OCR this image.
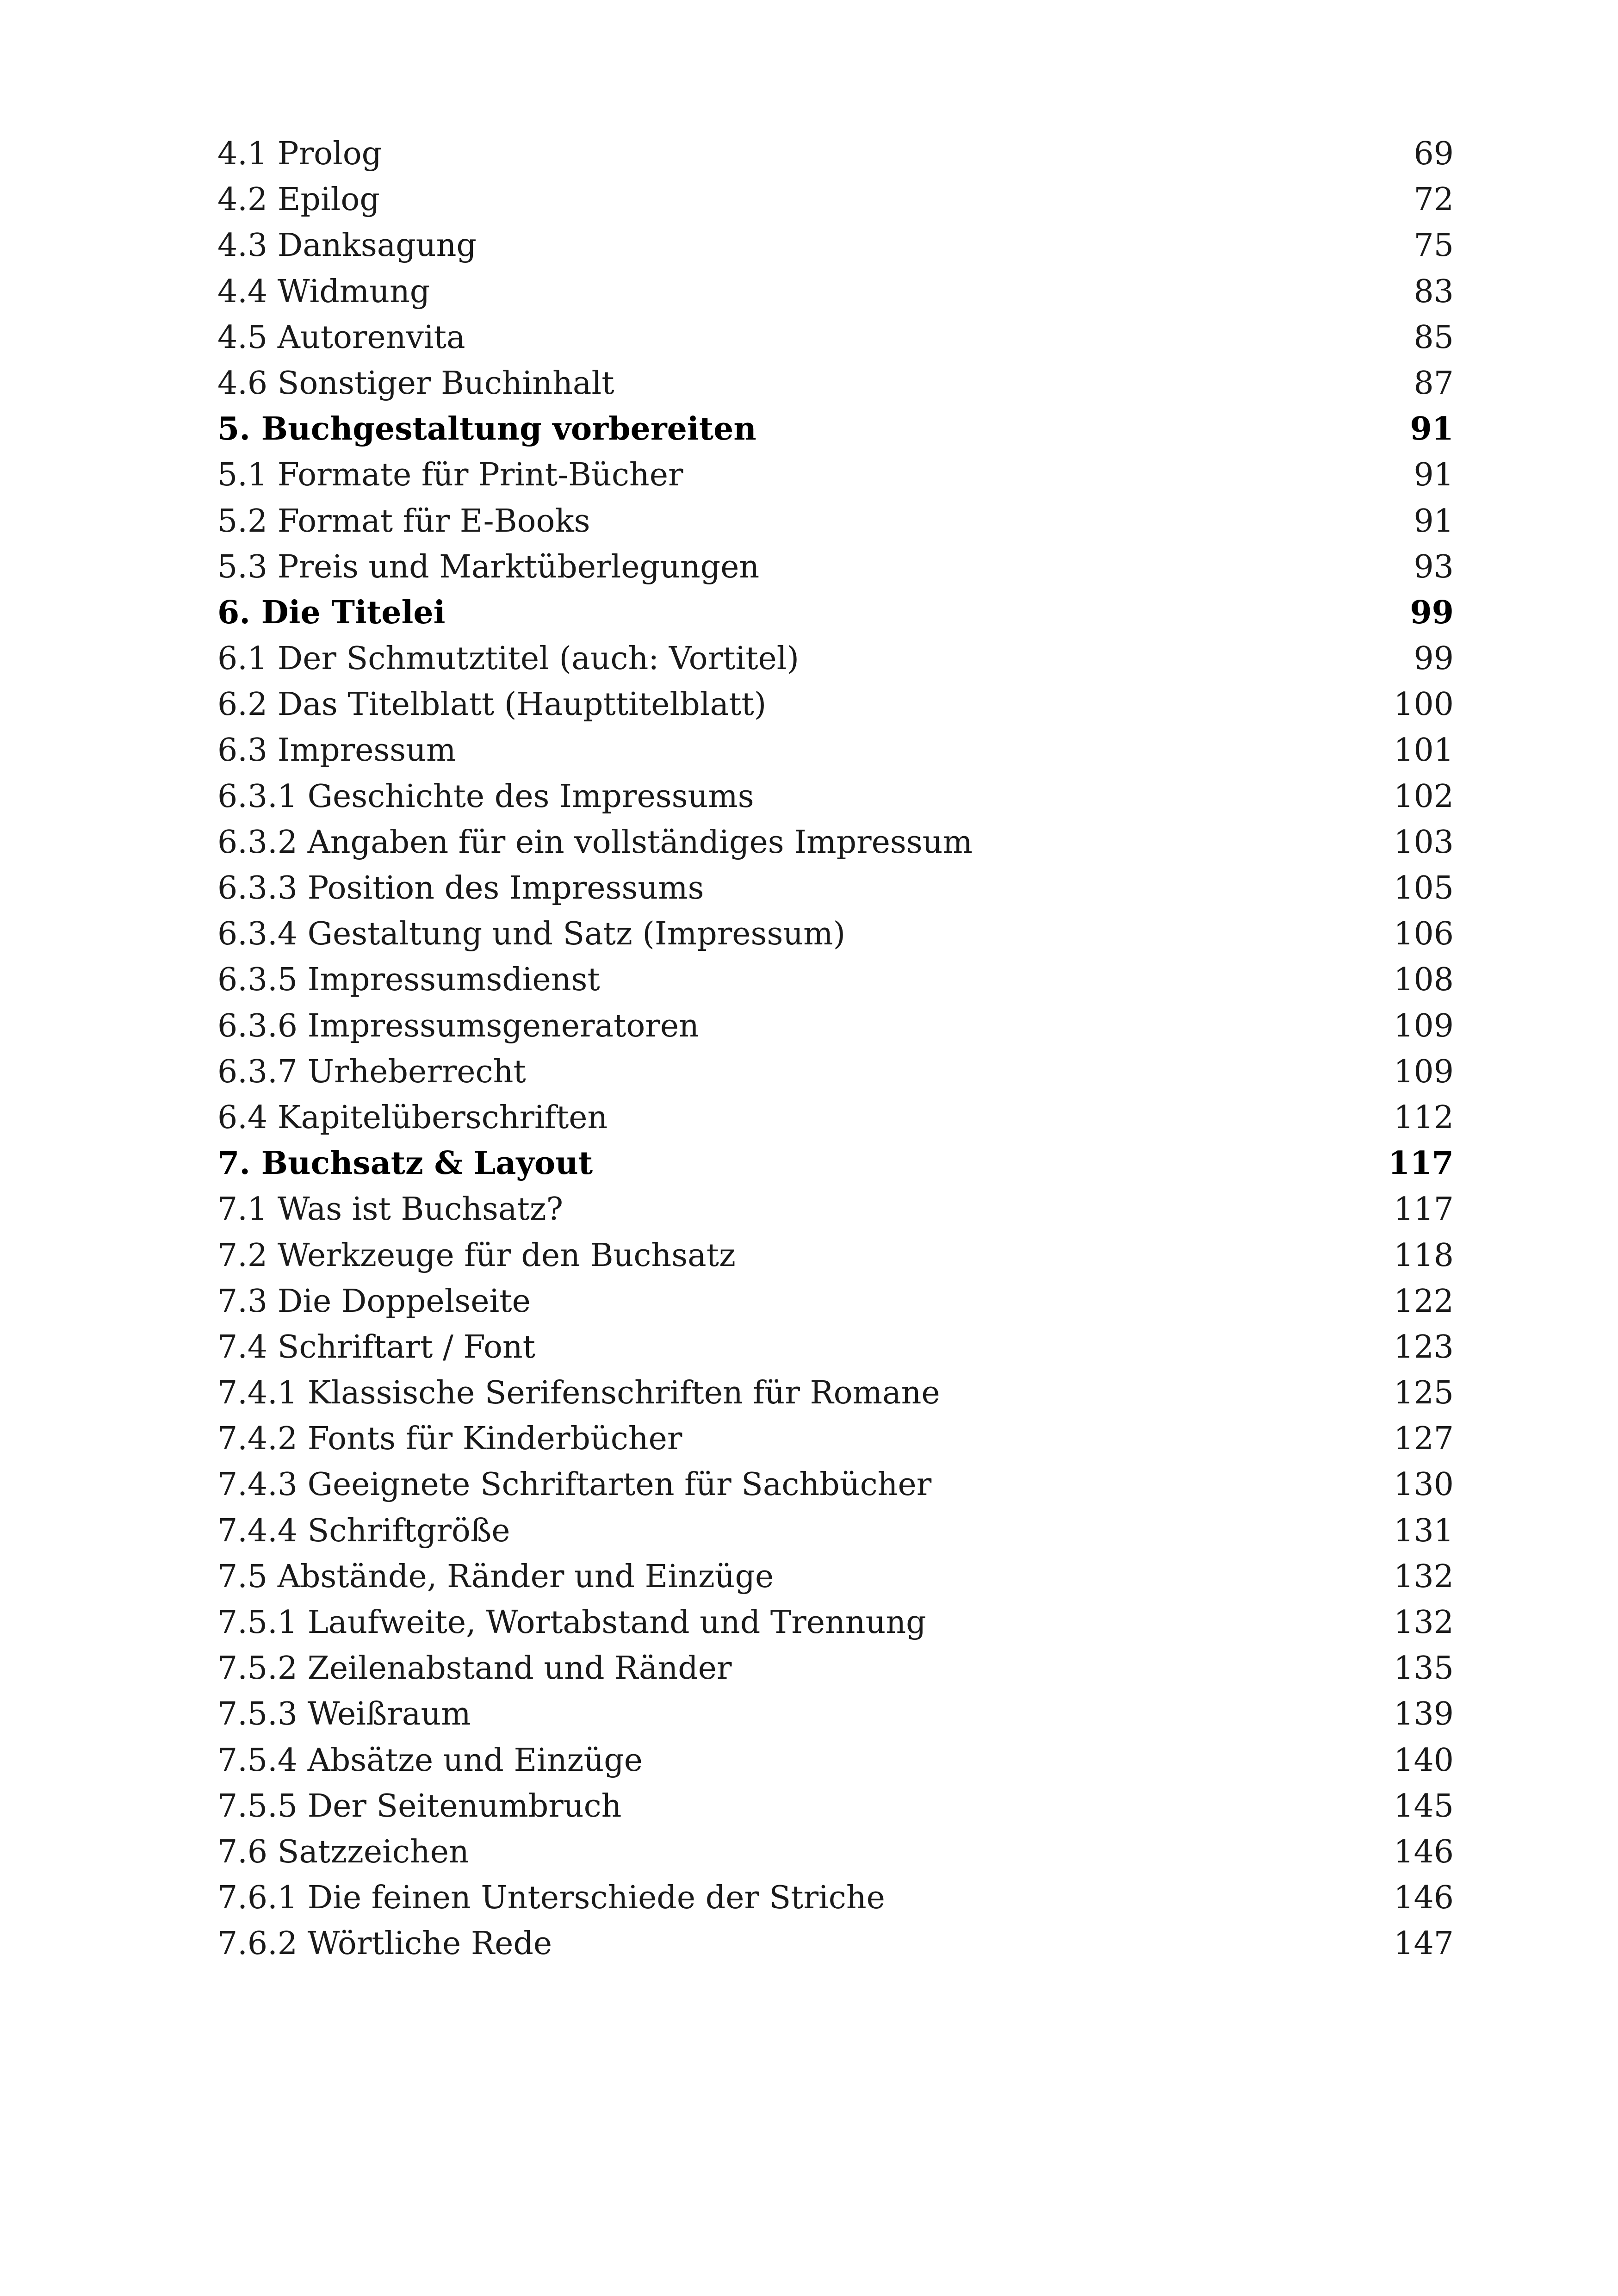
4.1 Prolog	69
4.2 Epilog	72
4.3 Danksagung	75
4.4 Widmung	83
4.5 Autorenvita	85
4.6 Sonstiger Buchinhalt	87
5. Buchgestaltung vorbereiten	91
5.1 Formate für Print-Bücher	91
5.2 Format für E-Books	91
5.3 Preis und Marktüberlegungen	93
6. Die Titelei	99
6.1 Der Schmutztitel (auch: Vortitel)	99
6.2 Das Titelblatt (Haupttitelblatt)	100
6.3 Impressum	101
6.3.1 Geschichte des Impressums	102
6.3.2 Angaben für ein vollständiges Impressum	103
6.3.3 Position des Impressums	105
6.3.4 Gestaltung und Satz (Impressum)	106
6.3.5 Impressumsdienst	108
6.3.6 Impressumsgeneratoren	109
6.3.7 Urheberrecht	109
6.4 Kapitelüberschriften	112
7. Buchsatz & Layout	117
7.1 Was ist Buchsatz?	117
7.2 Werkzeuge für den Buchsatz	118
7.3 Die Doppelseite	122
7.4 Schriftart / Font	123
7.4.1 Klassische Serifenschriften für Romane	125
7.4.2 Fonts für Kinderbücher	127
7.4.3 Geeignete Schriftarten für Sachbücher	130
7.4.4 Schriftgröße	131
7.5 Abstände, Ränder und Einzüge	132
7.5.1 Laufweite, Wortabstand und Trennung	132
7.5.2 Zeilenabstand und Ränder	135
7.5.3 Weißraum	139
7.5.4 Absätze und Einzüge	140
7.5.5 Der Seitenumbruch	145
7.6 Satzzeichen	146
7.6.1 Die feinen Unterschiede der Striche	146
7.6.2 Wörtliche Rede	147
